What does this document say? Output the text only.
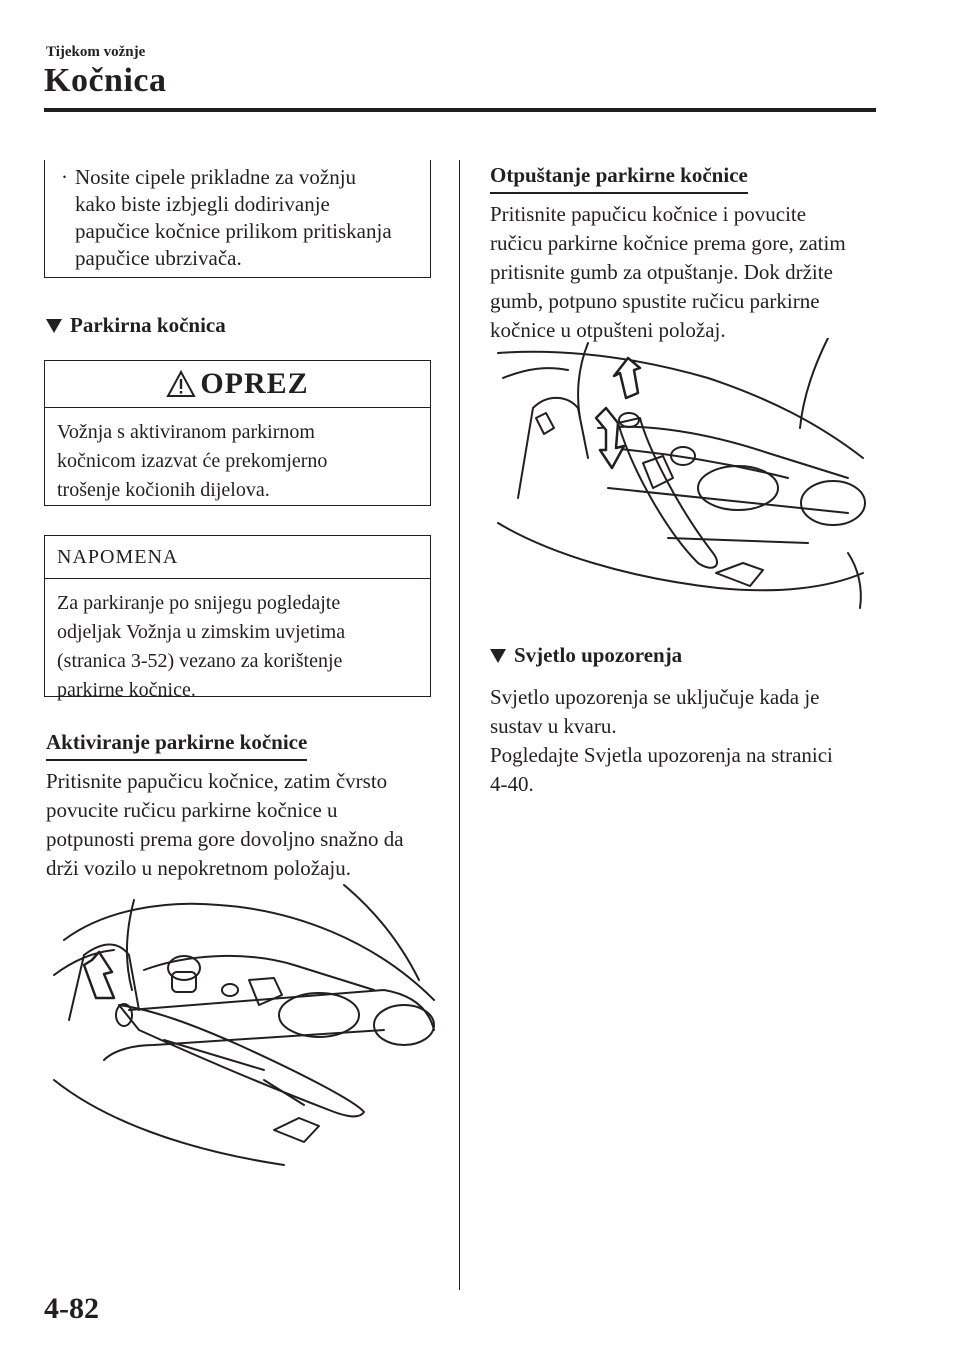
Tijekom vožnje
Kočnica
· Nosite cipele prikladne za vožnju
kako biste izbjegli dodirivanje
papučice kočnice prilikom pritiskanja
papučice ubrzivača.
Parkirna kočnica
OPREZ
Vožnja s aktiviranom parkirnom
kočnicom izazvat će prekomjerno
trošenje kočionih dijelova.
NAPOMENA
Za parkiranje po snijegu pogledajte
odjeljak Vožnja u zimskim uvjetima
(stranica 3-52) vezano za korištenje
parkirne kočnice.
Aktiviranje parkirne kočnice
Pritisnite papučicu kočnice, zatim čvrsto
povucite ručicu parkirne kočnice u
potpunosti prema gore dovoljno snažno da
drži vozilo u nepokretnom položaju.
Otpuštanje parkirne kočnice
Pritisnite papučicu kočnice i povucite
ručicu parkirne kočnice prema gore, zatim
pritisnite gumb za otpuštanje. Dok držite
gumb, potpuno spustite ručicu parkirne
kočnice u otpušteni položaj.
Svjetlo upozorenja
Svjetlo upozorenja se uključuje kada je
sustav u kvaru.
Pogledajte Svjetla upozorenja na stranici
4-40.
4-82
